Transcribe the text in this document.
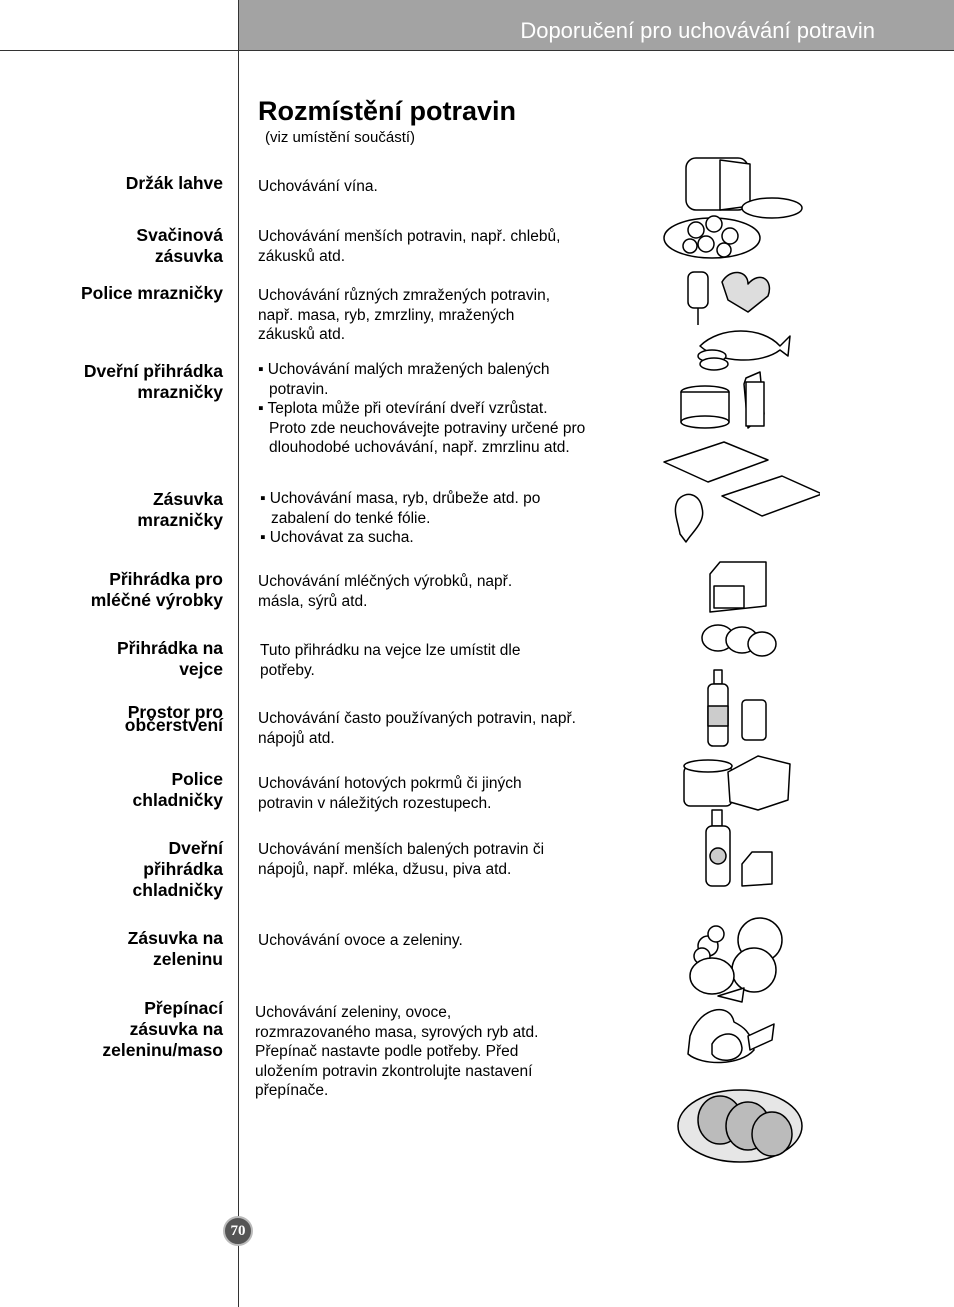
Doporučení pro uchovávání potravin
Rozmístění potravin
(viz umístění součástí)
Držák lahve
Svačinová zásuvka
Police mrazničky
Dveřní přihrádka mrazničky
Zásuvka mrazničky
Přihrádka pro mléčné výrobky
Přihrádka na vejce
Prostor pro občerstvení
Police chladničky
Dveřní přihrádka chladničky
Zásuvka na zeleninu
Přepínací zásuvka na zeleninu/maso
Uchovávání vína.
Uchovávání menších potravin, např. chlebů, zákusků atd.
Uchovávání různých zmražených potravin, např. masa, ryb, zmrzliny, mražených zákusků atd.
▪ Uchovávání malých mražených balených potravin.
▪ Teplota může při otevírání dveří vzrůstat. Proto zde neuchovávejte potraviny určené pro dlouhodobé uchovávání, např. zmrzlinu atd.
▪ Uchovávání masa, ryb, drůbeže atd. po zabalení do tenké fólie.
▪ Uchovávat za sucha.
Uchovávání mléčných výrobků, např. másla, sýrů atd.
Tuto přihrádku na vejce lze umístit dle potřeby.
Uchovávání často používaných potravin, např. nápojů atd.
Uchovávání hotových pokrmů či jiných potravin v náležitých rozestupech.
Uchovávání menších balených potravin či nápojů, např. mléka, džusu, piva atd.
Uchovávání ovoce a zeleniny.
Uchovávání zeleniny, ovoce, rozmrazovaného masa, syrových ryb atd. Přepínač nastavte podle potřeby. Před uložením potravin zkontrolujte nastavení přepínače.
70
